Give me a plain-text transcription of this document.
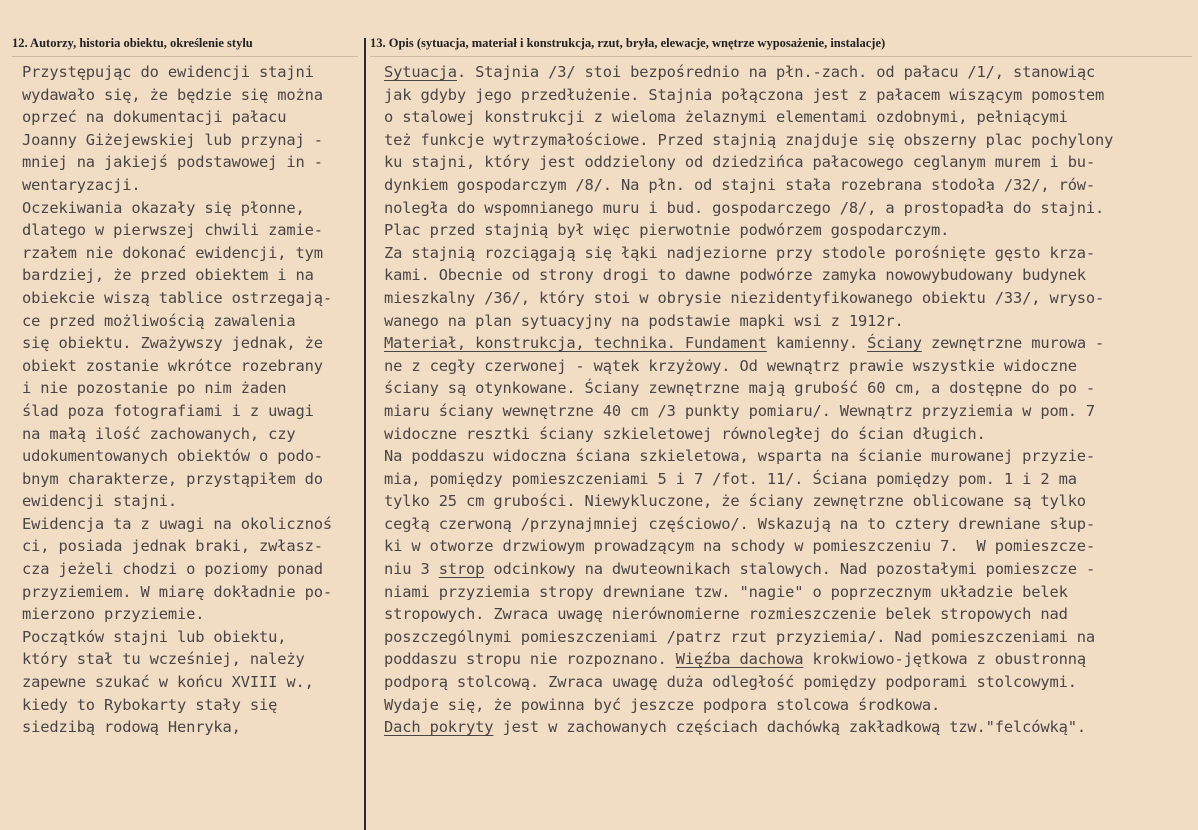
12. Autorzy, historia obiektu, określenie stylu	13. Opis (sytuacja, materiał i konstrukcja, rzut, bryła, elewacje, wnętrze wyposażenie, instalacje)
Przystępując do ewidencji stajni
wydawało się, że będzie się można
oprzeć na dokumentacji pałacu
Joanny Giżejewskiej lub przynaj -
mniej na jakiejś podstawowej in -
wentaryzacji.
Oczekiwania okazały się płonne,
dlatego w pierwszej chwili zamie-
rzałem nie dokonać ewidencji, tym
bardziej, że przed obiektem i na
obiekcie wiszą tablice ostrzegają-
ce przed możliwością zawalenia
się obiektu. Zważywszy jednak, że
obiekt zostanie wkrótce rozebrany
i nie pozostanie po nim żaden
ślad poza fotografiami i z uwagi
na małą ilość zachowanych, czy
udokumentowanych obiektów o podo-
bnym charakterze, przystąpiłem do
ewidencji stajni.
Ewidencja ta z uwagi na okolicznoś
ci, posiada jednak braki, zwłasz-
cza jeżeli chodzi o poziomy ponad
przyziemiem. W miarę dokładnie po-
mierzono przyziemie.
Początków stajni lub obiektu,
który stał tu wcześniej, należy
zapewne szukać w końcu XVIII w.,
kiedy to Rybokarty stały się
siedzibą rodową Henryka,
Sytuacja. Stajnia /3/ stoi bezpośrednio na płn.-zach. od pałacu /1/, stanowiąc
jak gdyby jego przedłużenie. Stajnia połączona jest z pałacem wiszącym pomostem
o stalowej konstrukcji z wieloma żelaznymi elementami ozdobnymi, pełniącymi
też funkcje wytrzymałościowe. Przed stajnią znajduje się obszerny plac pochylony
ku stajni, który jest oddzielony od dziedzińca pałacowego ceglanym murem i bu-
dynkiem gospodarczym /8/. Na płn. od stajni stała rozebrana stodoła /32/, rów-
noległa do wspomnianego muru i bud. gospodarczego /8/, a prostopadła do stajni.
Plac przed stajnią był więc pierwotnie podwórzem gospodarczym.
Za stajnią rozciągają się łąki nadjeziorne przy stodole porośnięte gęsto krza-
kami. Obecnie od strony drogi to dawne podwórze zamyka nowowybudowany budynek
mieszkalny /36/, który stoi w obrysie niezidentyfikowanego obiektu /33/, wrysо-
wanego na plan sytuacyjny na podstawie mapki wsi z 1912r.
Materiał, konstrukcja, technika. Fundament kamienny. Ściany zewnętrzne murowa -
ne z cegły czerwonej - wątek krzyżowy. Od wewnątrz prawie wszystkie widoczne
ściany są otynkowane. Ściany zewnętrzne mają grubość 60 cm, a dostępne do po -
miaru ściany wewnętrzne 40 cm /3 punkty pomiaru/. Wewnątrz przyziemia w pom. 7
widoczne resztki ściany szkieletowej równoległej do ścian długich.
Na poddaszu widoczna ściana szkieletowa, wsparta na ścianie murowanej przyzie-
mia, pomiędzy pomieszczeniami 5 i 7 /fot. 11/. Ściana pomiędzy pom. 1 i 2 ma
tylko 25 cm grubości. Niewykluczone, że ściany zewnętrzne oblicowane są tylko
cegłą czerwoną /przynajmniej częściowo/. Wskazują na to cztery drewniane słup-
ki w otworze drzwiowym prowadzącym na schody w pomieszczeniu 7.  W pomieszcze-
niu 3 strop odcinkowy na dwuteownikach stalowych. Nad pozostałymi pomieszcze -
niami przyziemia stropy drewniane tzw. "nagie" o poprzecznym układzie belek
stropowych. Zwraca uwagę nierównomierne rozmieszczenie belek stropowych nad
poszczególnymi pomieszczeniami /patrz rzut przyziemia/. Nad pomieszczeniami na
poddaszu stropu nie rozpoznano. Więźba dachowa krokwiowo-jętkowa z obustronną
podporą stolcową. Zwraca uwagę duża odległość pomiędzy podporami stolcowymi.
Wydaje się, że powinna być jeszcze podpora stolcowa środkowa.
Dach pokryty jest w zachowanych częściach dachówką zakładkową tzw."felcówką".
